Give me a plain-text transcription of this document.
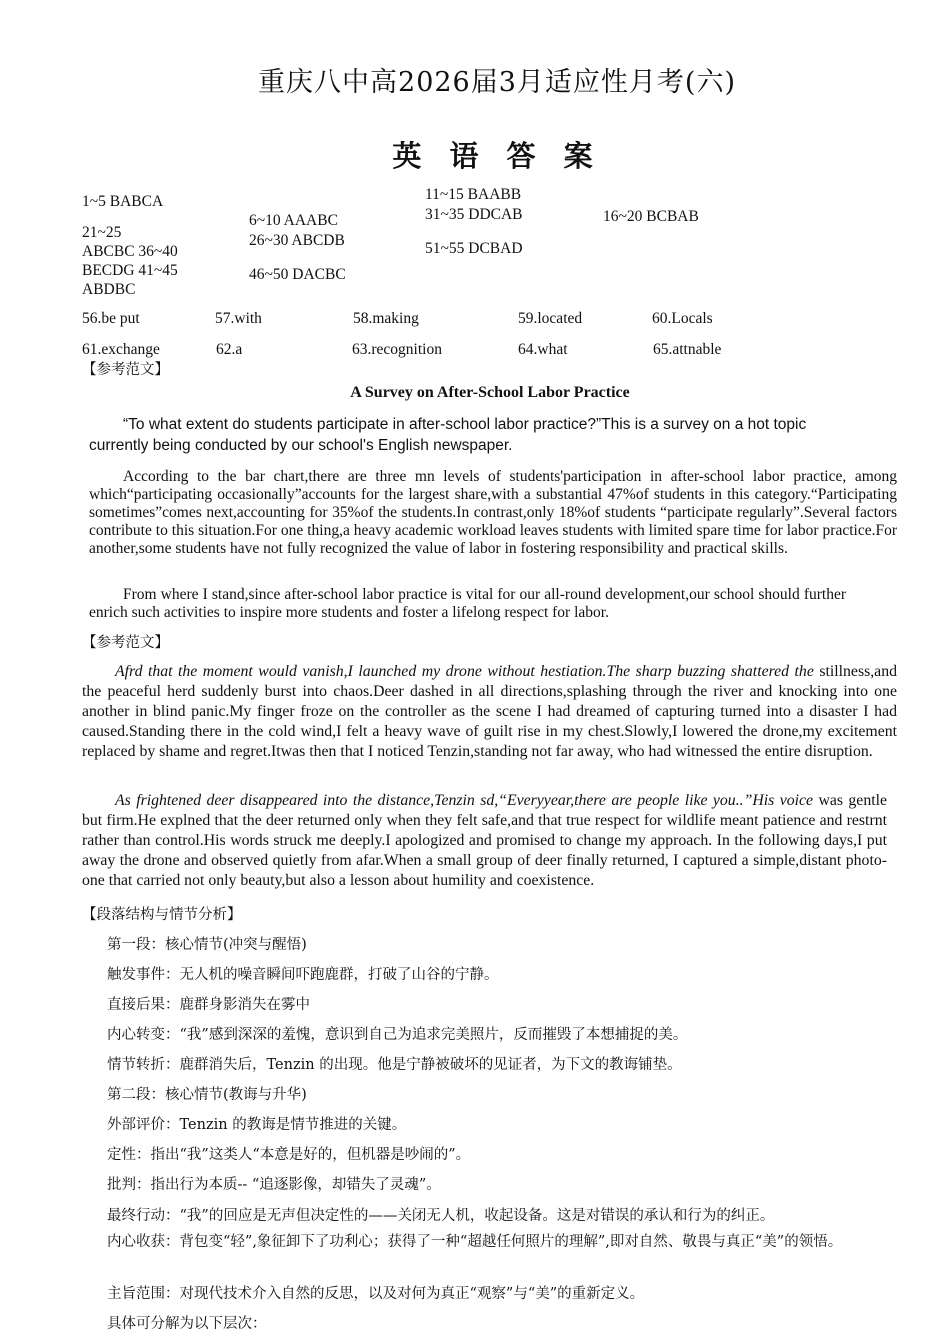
重庆八中高2026届3月适应性月考(六)
英 语 答 案
1~5 BABCA
21~25
ABCBC 36~40
BECDG 41~45
ABDBC
6~10 AAABC
26~30 ABCDB
46~50 DACBC
11~15 BAABB
31~35 DDCAB
51~55 DCBAD
16~20 BCBAB
56.be put	57.with	58.making	59.located	60.Locals
61.exchange	62.a	63.recognition	64.what	65.attnable
【参考范文】
A Survey on After-School Labor Practice

“To what extent do students participate in after-school labor practice?”This is a survey on a hot topic currently being conducted by our school's English newspaper.

According to the bar chart,there are three mn levels of students'participation in after-school labor practice, among which“participating occasionally”accounts for the largest share,with a substantial 47%of students in this category.“Participating sometimes”comes next,accounting for 35%of the students.In contrast,only 18%of students “participate regularly”.Several factors contribute to this situation.For one thing,a heavy academic workload leaves students with limited spare time for labor practice.For another,some students have not fully recognized the value of labor in fostering responsibility and practical skills.

From where I stand,since after-school labor practice is vital for our all-round development,our school should further enrich such activities to inspire more students and foster a lifelong respect for labor.

【参考范文】

Afrd that the moment would vanish,I launched my drone without hestiation.The sharp buzzing shattered the stillness,and the peaceful herd suddenly burst into chaos.Deer dashed in all directions,splashing through the river and knocking into one another in blind panic.My finger froze on the controller as the scene I had dreamed of capturing turned into a disaster I had caused.Standing there in the cold wind,I felt a heavy wave of guilt rise in my chest.Slowly,I lowered the drone,my excitement replaced by shame and regret.Itwas then that I noticed Tenzin,standing not far away, who had witnessed the entire disruption.

As frightened deer disappeared into the distance,Tenzin sd,“Everyyear,there are people like you..”His voice was gentle but firm.He explned that the deer returned only when they felt safe,and that true respect for wildlife meant patience and restrnt rather than control.His words struck me deeply.I apologized and promised to change my approach. In the following days,I put away the drone and observed quietly from afar.When a small group of deer finally returned, I captured a simple,distant photo-one that carried not only beauty,but also a lesson about humility and coexistence.

【段落结构与情节分析】
第一段：核心情节(冲突与醒悟)
触发事件：无人机的噪音瞬间吓跑鹿群，打破了山谷的宁静。
直接后果：鹿群身影消失在雾中
内心转变：“我”感到深深的羞愧，意识到自己为追求完美照片，反而摧毁了本想捕捉的美。
情节转折：鹿群消失后，Tenzin 的出现。他是宁静被破坏的见证者，为下文的教诲铺垫。
第二段：核心情节(教诲与升华)
外部评价：Tenzin 的教诲是情节推进的关键。
定性：指出“我”这类人“本意是好的，但机器是吵闹的”。
批判：指出行为本质-- “追逐影像，却错失了灵魂”。
最终行动：“我”的回应是无声但决定性的——关闭无人机，收起设备。这是对错误的承认和行为的纠正。
内心收获：背包变“轻”,象征卸下了功利心；获得了一种“超越任何照片的理解”,即对自然、敬畏与真正“美”的领悟。
主旨范围：对现代技术介入自然的反思，以及对何为真正“观察”与“美”的重新定义。
具体可分解为以下层次：
